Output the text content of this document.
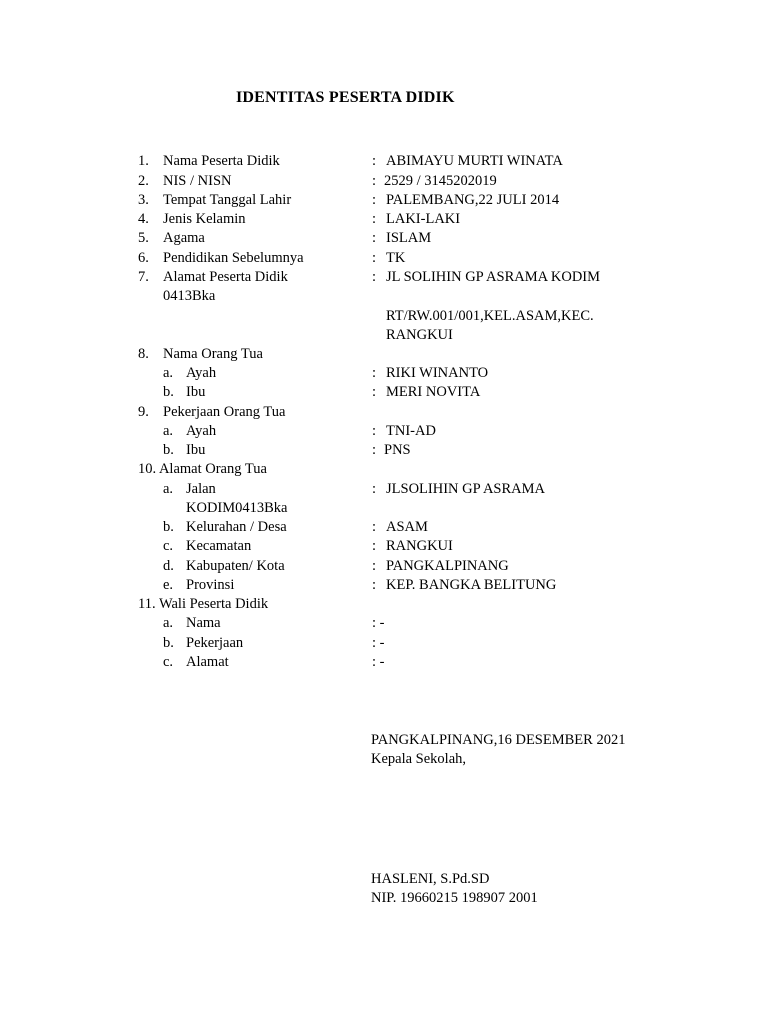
IDENTITAS PESERTA DIDIK
1. Nama Peserta Didik	: ABIMAYU MURTI WINATA
2. NIS / NISN	: 2529 / 3145202019
3. Tempat Tanggal Lahir	: PALEMBANG,22 JULI 2014
4. Jenis Kelamin	: LAKI-LAKI
5. Agama	: ISLAM
6. Pendidikan Sebelumnya	: TK
7. Alamat Peserta Didik	: JL SOLIHIN GP ASRAMA KODIM
0413Bka
RT/RW.001/001,KEL.ASAM,KEC.
RANGKUI
8. Nama Orang Tua
a. Ayah	: RIKI WINANTO
b. Ibu	: MERI NOVITA
9. Pekerjaan Orang Tua
a. Ayah	: TNI-AD
b. Ibu	: PNS
10. Alamat Orang Tua
a. Jalan	: JLSOLIHIN GP ASRAMA
KODIM0413Bka
b. Kelurahan / Desa	: ASAM
c. Kecamatan	: RANGKUI
d. Kabupaten/ Kota	: PANGKALPINANG
e. Provinsi	: KEP. BANGKA BELITUNG
11. Wali Peserta Didik
a. Nama	: -
b. Pekerjaan	: -
c. Alamat	: -
PANGKALPINANG,16 DESEMBER 2021
Kepala Sekolah,
HASLENI, S.Pd.SD
NIP. 19660215 198907 2001
